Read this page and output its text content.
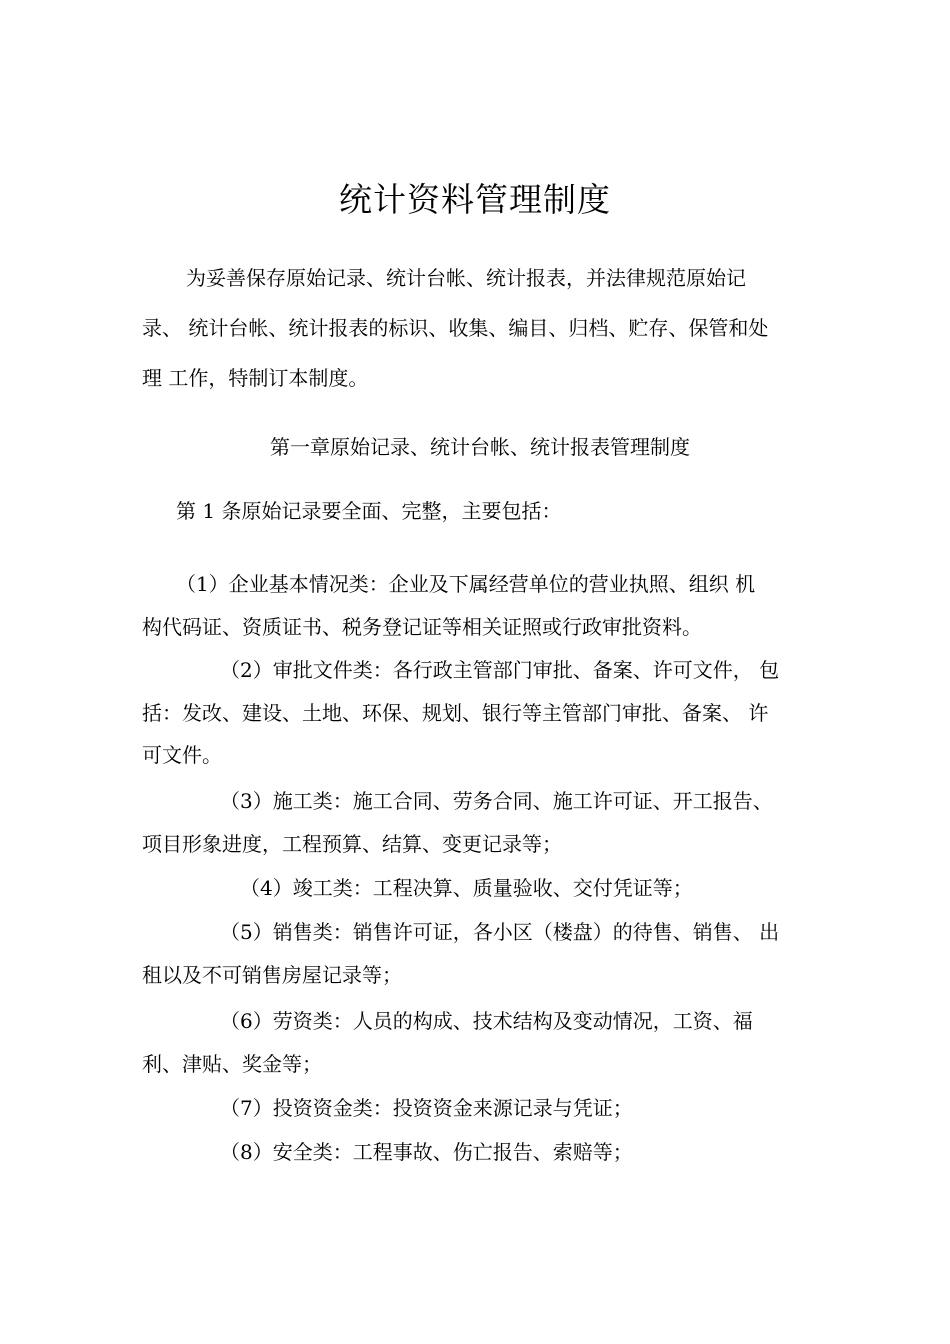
统计资料管理制度
为妥善保存原始记录、统计台帐、统计报表，并法律规范原始记
录、 统计台帐、统计报表的标识、收集、编目、归档、贮存、保管和处
理 工作，特制订本制度。
第一章原始记录、统计台帐、统计报表管理制度
第 1 条原始记录要全面、完整，主要包括：
（1）企业基本情况类：企业及下属经营单位的营业执照、组织 机
构代码证、资质证书、税务登记证等相关证照或行政审批资料。
（2）审批文件类：各行政主管部门审批、备案、许可文件， 包
括：发改、建设、土地、环保、规划、银行等主管部门审批、备案、 许
可文件。
（3）施工类：施工合同、劳务合同、施工许可证、开工报告、
项目形象进度，工程预算、结算、变更记录等；
（4）竣工类：工程决算、质量验收、交付凭证等；
（5）销售类：销售许可证，各小区（楼盘）的待售、销售、 出
租以及不可销售房屋记录等；
（6）劳资类：人员的构成、技术结构及变动情况，工资、福
利、津贴、奖金等；
（7）投资资金类：投资资金来源记录与凭证；
（8）安全类：工程事故、伤亡报告、索赔等；
